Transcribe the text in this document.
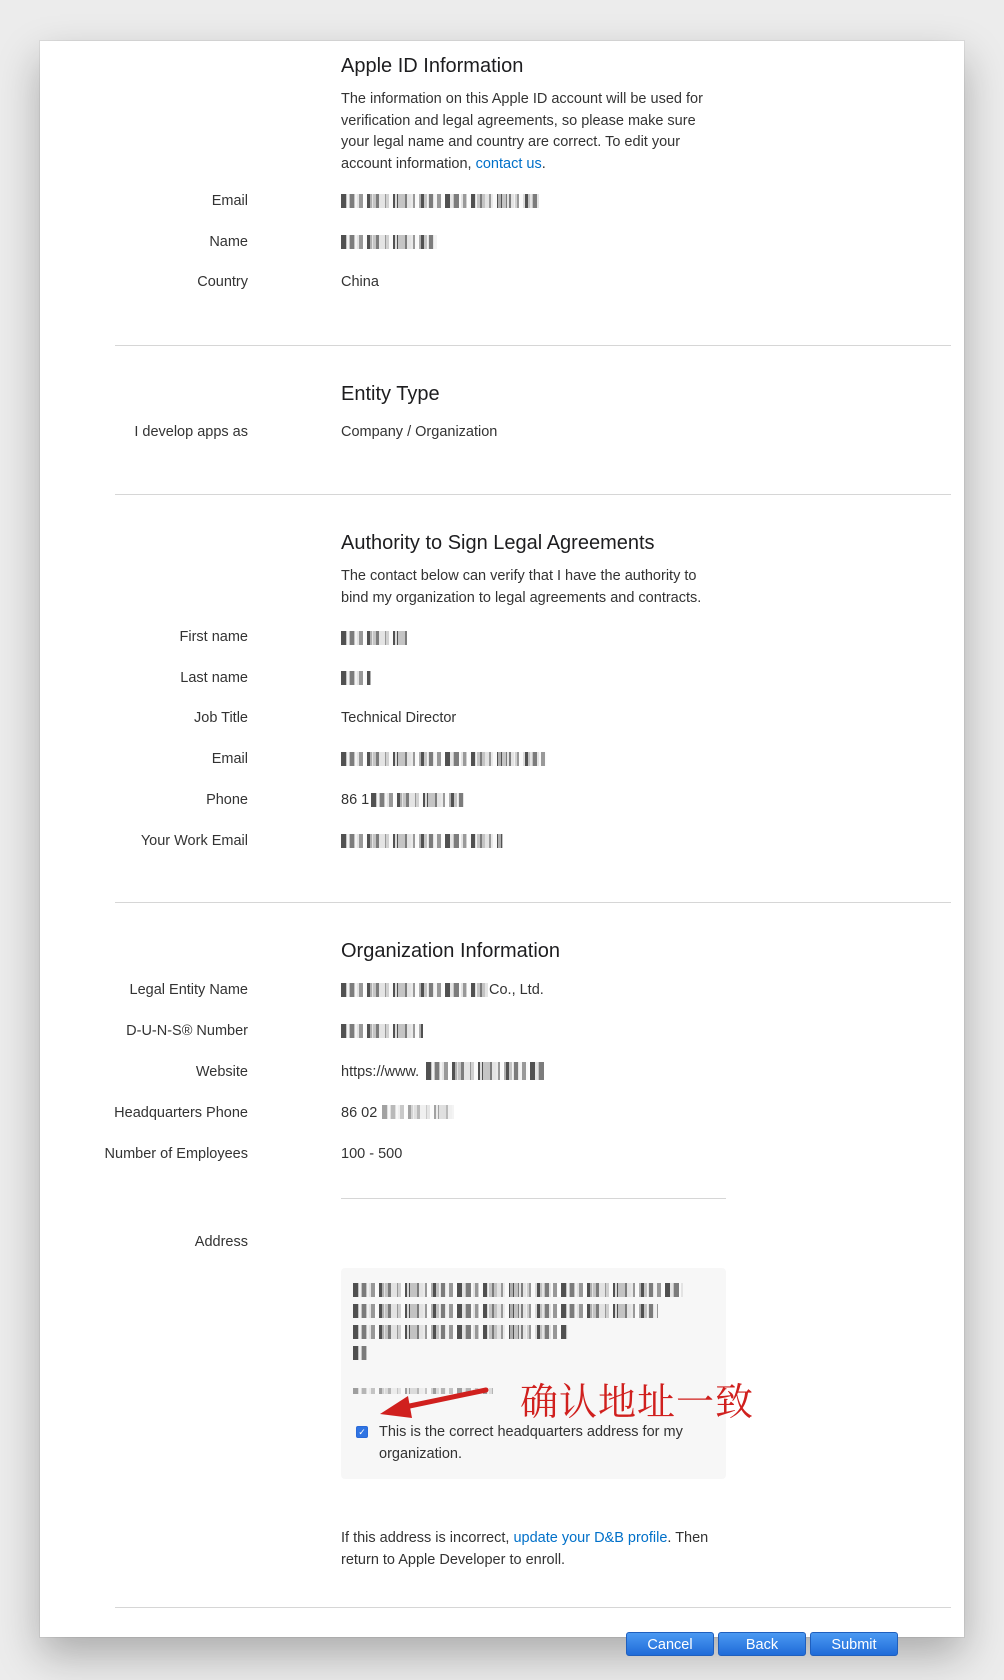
Apple ID Information
The information on this Apple ID account will be used for verification and legal agreements, so please make sure your legal name and country are correct. To edit your account information, contact us.
Email
Name
Country	China
Entity Type
I develop apps as	Company / Organization
Authority to Sign Legal Agreements
The contact below can verify that I have the authority to bind my organization to legal agreements and contracts.
First name
Last name
Job Title	Technical Director
Email
Phone	86 1
Your Work Email
Organization Information
Legal Entity Name	Co., Ltd.
D-U-N-S® Number
Website	https://www.
Headquarters Phone	86 02
Number of Employees	100 - 500
Address
✓ This is the correct headquarters address for my organization.
确认地址一致
If this address is incorrect, update your D&B profile. Then return to Apple Developer to enroll.
Cancel	Back	Submit
